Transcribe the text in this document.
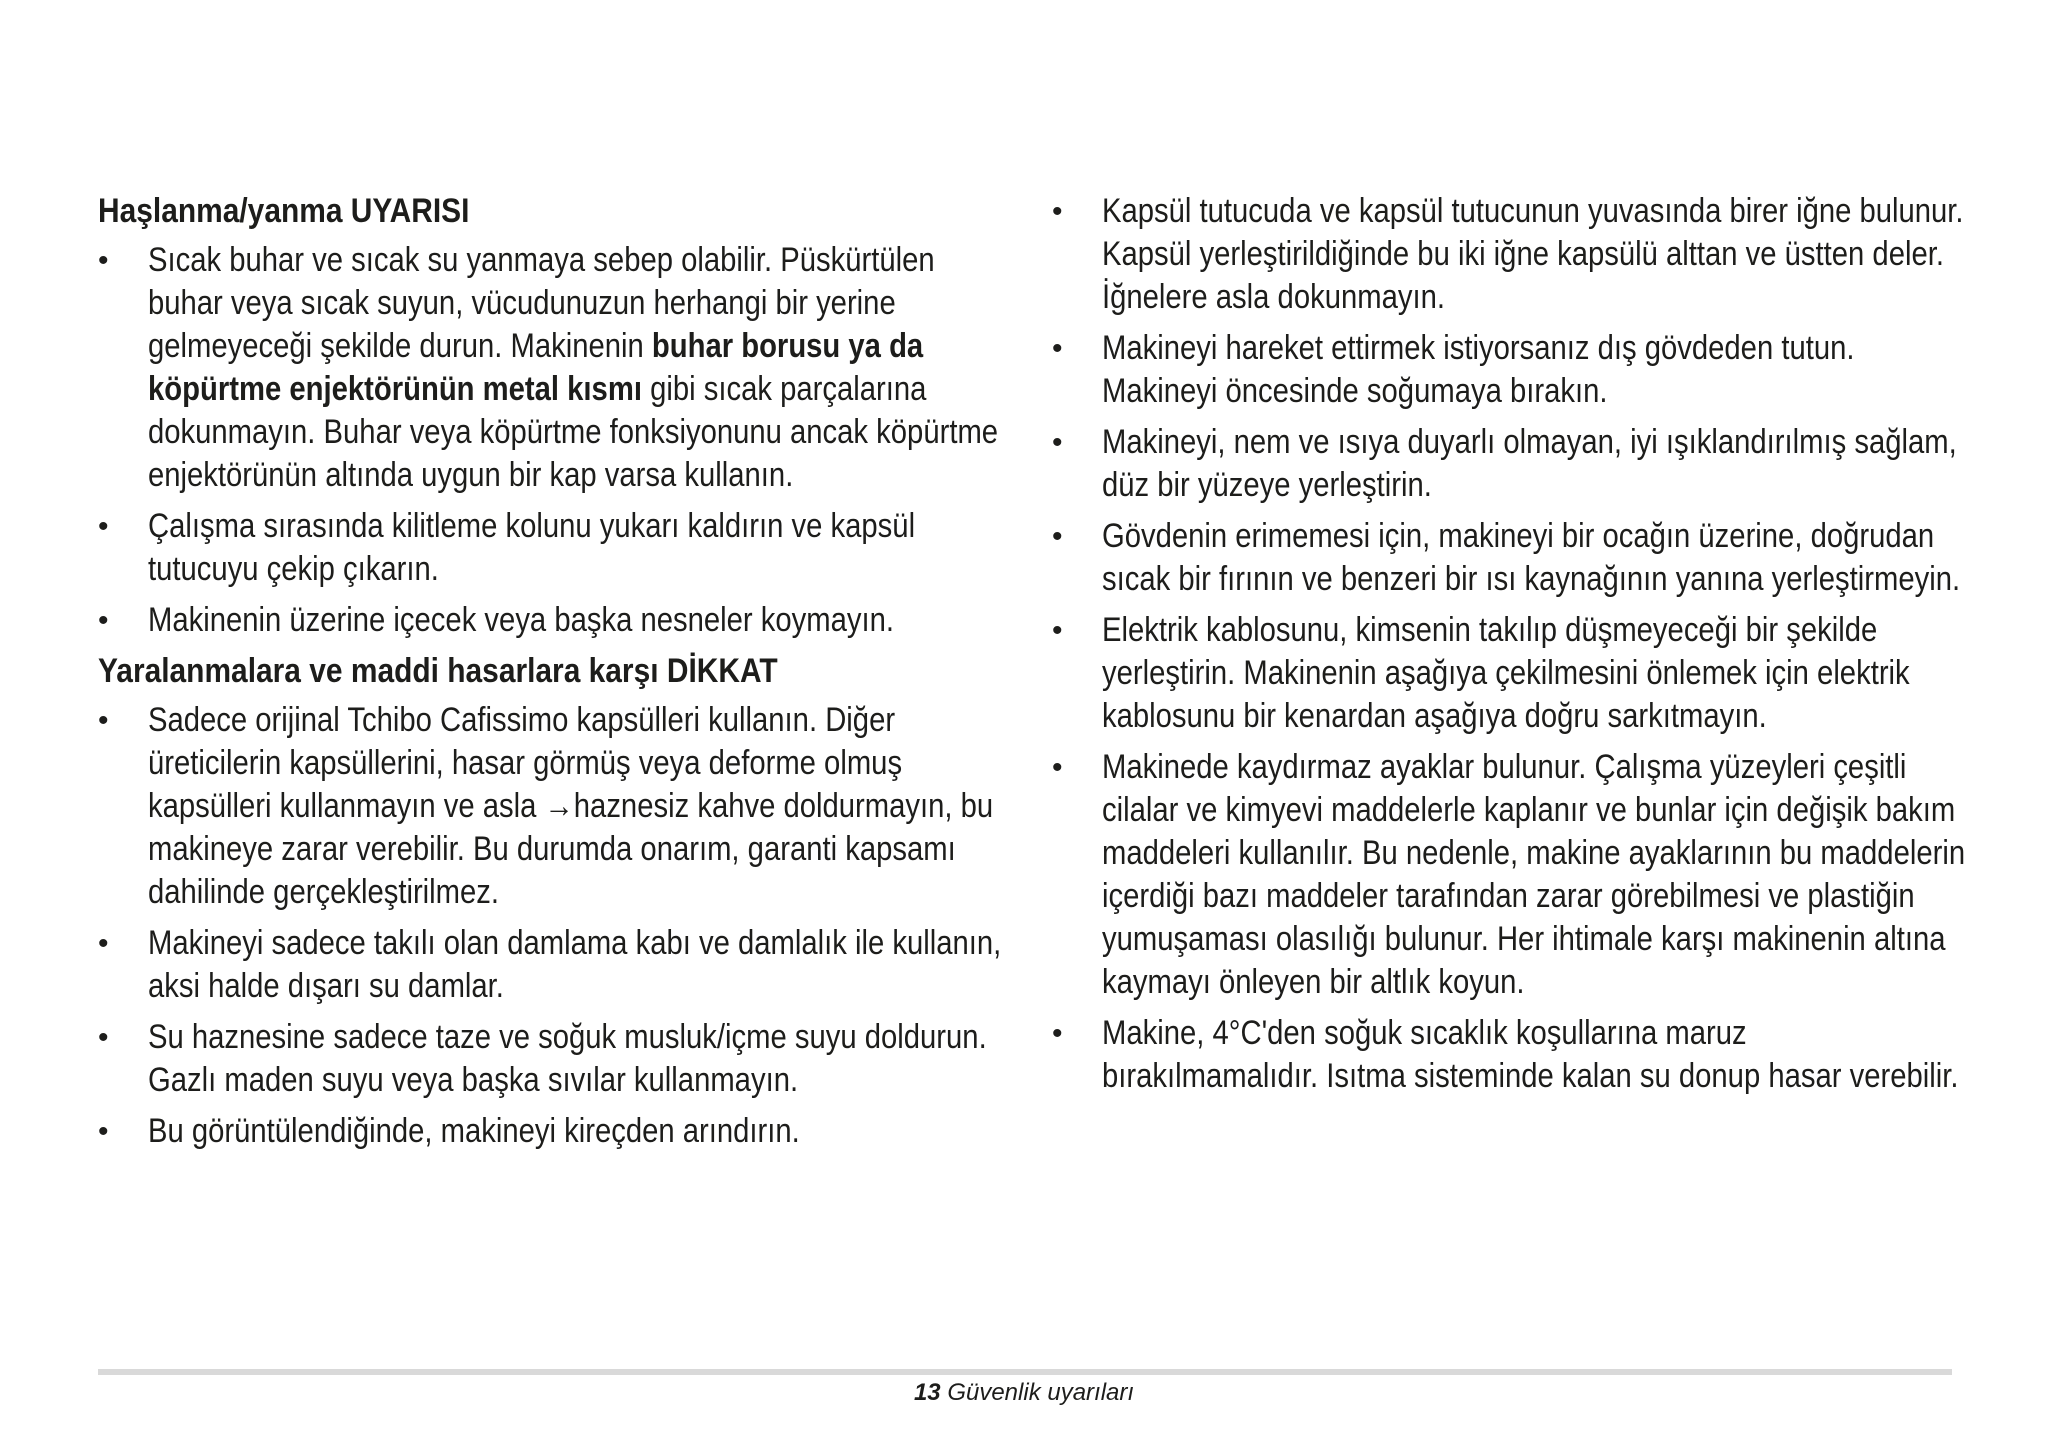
Haşlanma/yanma UYARISI
• Sıcak buhar ve sıcak su yanmaya sebep olabilir. Püskürtülen buhar veya sıcak suyun, vücudunuzun herhangi bir yerine gelmeyeceği şekilde durun. Makinenin buhar borusu ya da köpürtme enjektörünün metal kısmı gibi sıcak parçalarına dokunmayın. Buhar veya köpürtme fonksiyonunu ancak köpürtme enjektörünün altında uygun bir kap varsa kullanın.
• Çalışma sırasında kilitleme kolunu yukarı kaldırın ve kapsül tutucuyu çekip çıkarın.
• Makinenin üzerine içecek veya başka nesneler koymayın.
Yaralanmalara ve maddi hasarlara karşı DİKKAT
• Sadece orijinal Tchibo Cafissimo kapsülleri kullanın. Diğer üreticilerin kapsüllerini, hasar görmüş veya deforme olmuş kapsülleri kullanmayın ve asla →haznesiz kahve doldurmayın, bu makineye zarar verebilir. Bu durumda onarım, garanti kapsamı dahilinde gerçekleştirilmez.
• Makineyi sadece takılı olan damlama kabı ve damlalık ile kullanın, aksi halde dışarı su damlar.
• Su haznesine sadece taze ve soğuk musluk/içme suyu doldurun. Gazlı maden suyu veya başka sıvılar kullanmayın.
• Bu görüntülendiğinde, makineyi kireçden arındırın.
• Kapsül tutucuda ve kapsül tutucunun yuvasında birer iğne bulunur. Kapsül yerleştirildiğinde bu iki iğne kapsülü alttan ve üstten deler. İğnelere asla dokunmayın.
• Makineyi hareket ettirmek istiyorsanız dış gövdeden tutun. Makineyi öncesinde soğumaya bırakın.
• Makineyi, nem ve ısıya duyarlı olmayan, iyi ışıklandırılmış sağlam, düz bir yüzeye yerleştirin.
• Gövdenin erimemesi için, makineyi bir ocağın üzerine, doğrudan sıcak bir fırının ve benzeri bir ısı kaynağının yanına yerleştirmeyin.
• Elektrik kablosunu, kimsenin takılıp düşmeyeceği bir şekilde yerleştirin. Makinenin aşağıya çekilmesini önlemek için elektrik kablosunu bir kenardan aşağıya doğru sarkıtmayın.
• Makinede kaydırmaz ayaklar bulunur. Çalışma yüzeyleri çeşitli cilalar ve kimyevi maddelerle kaplanır ve bunlar için değişik bakım maddeleri kullanılır. Bu nedenle, makine ayaklarının bu maddelerin içerdiği bazı maddeler tarafından zarar görebilmesi ve plastiğin yumuşaması olasılığı bulunur. Her ihtimale karşı makinenin altına kaymayı önleyen bir altlık koyun.
• Makine, 4°C'den soğuk sıcaklık koşullarına maruz bırakılmamalıdır. Isıtma sisteminde kalan su donup hasar verebilir.
13 Güvenlik uyarıları
